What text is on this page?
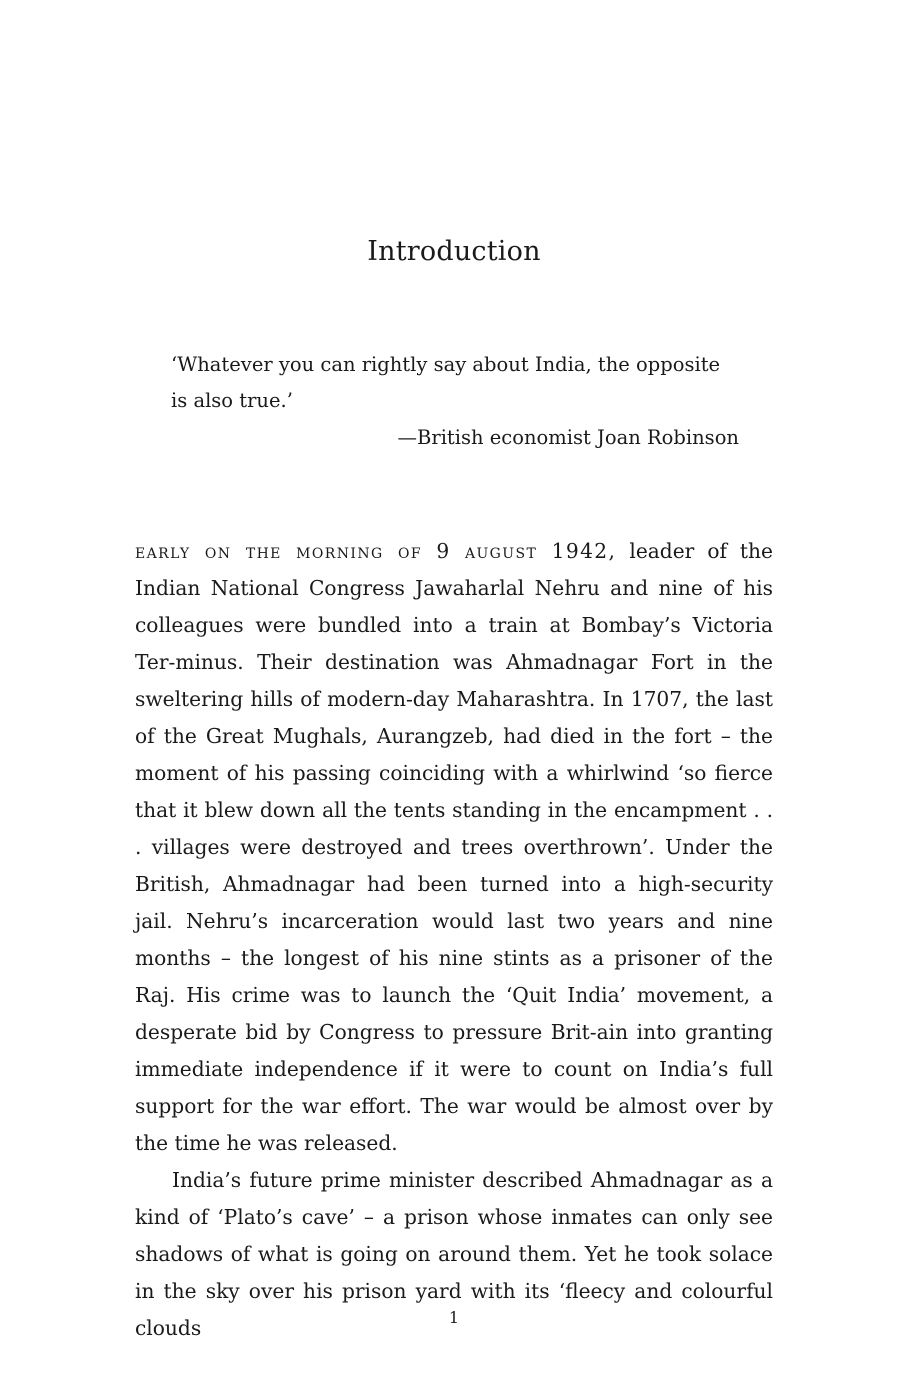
Introduction

‘Whatever you can rightly say about India, the opposite is also true.’

—British economist Joan Robinson

early on the morning of 9 august 1942, leader of the Indian National Congress Jawaharlal Nehru and nine of his colleagues were bundled into a train at Bombay’s Victoria Ter-minus. Their destination was Ahmadnagar Fort in the sweltering hills of modern-day Maharashtra. In 1707, the last of the Great Mughals, Aurangzeb, had died in the fort – the moment of his passing coinciding with a whirlwind ‘so fierce that it blew down all the tents standing in the encampment . . . villages were destroyed and trees overthrown’. Under the British, Ahmadnagar had been turned into a high-security jail. Nehru’s incarceration would last two years and nine months – the longest of his nine stints as a prisoner of the Raj. His crime was to launch the ‘Quit India’ movement, a desperate bid by Congress to pressure Brit-ain into granting immediate independence if it were to count on India’s full support for the war effort. The war would be almost over by the time he was released.

India’s future prime minister described Ahmadnagar as a kind of ‘Plato’s cave’ – a prison whose inmates can only see shadows of what is going on around them. Yet he took solace in the sky over his prison yard with its ‘fleecy and colourful clouds	1
